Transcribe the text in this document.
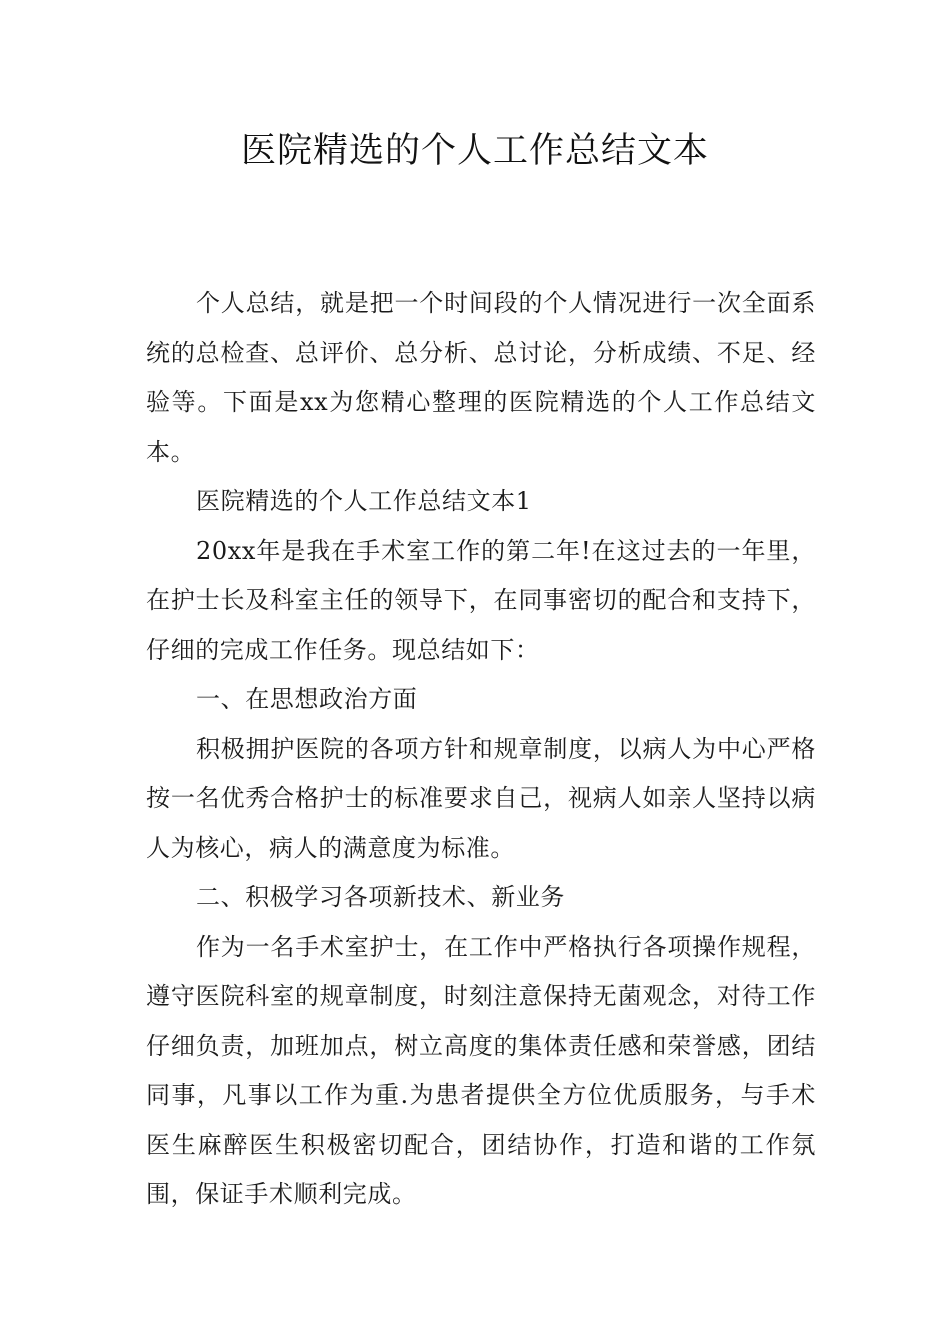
医院精选的个人工作总结文本

个人总结，就是把一个时间段的个人情况进行一次全面系统的总检查、总评价、总分析、总讨论，分析成绩、不足、经验等。下面是xx为您精心整理的医院精选的个人工作总结文本。

医院精选的个人工作总结文本1

20xx年是我在手术室工作的第二年!在这过去的一年里，在护士长及科室主任的领导下，在同事密切的配合和支持下，仔细的完成工作任务。现总结如下：

一、在思想政治方面

积极拥护医院的各项方针和规章制度，以病人为中心严格按一名优秀合格护士的标准要求自己，视病人如亲人坚持以病人为核心，病人的满意度为标准。

二、积极学习各项新技术、新业务

作为一名手术室护士，在工作中严格执行各项操作规程，遵守医院科室的规章制度，时刻注意保持无菌观念，对待工作仔细负责，加班加点，树立高度的集体责任感和荣誉感，团结同事，凡事以工作为重.为患者提供全方位优质服务，与手术医生麻醉医生积极密切配合，团结协作，打造和谐的工作氛围，保证手术顺利完成。
